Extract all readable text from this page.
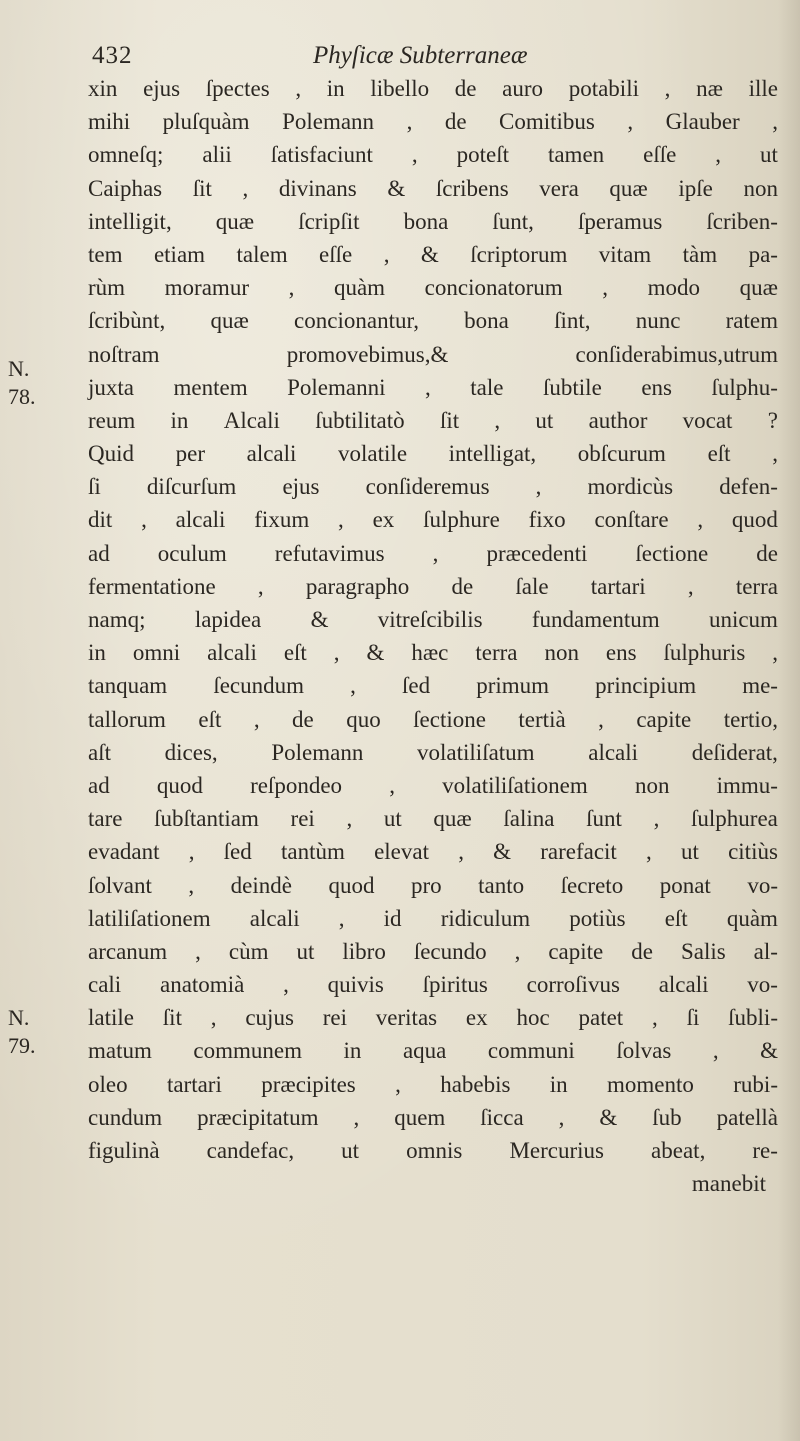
432	Phyſicæ Subterraneæ
N.
78.
N.
79.
xin ejus ſpectes , in libello de auro potabili , næ ille
mihi pluſquàm Polemann , de Comitibus , Glauber ,
omneſq; alii ſatisfaciunt , poteſt tamen eſſe , ut
Caiphas ſit , divinans & ſcribens vera quæ ipſe non
intelligit, quæ ſcripſit bona ſunt, ſperamus ſcriben-
tem etiam talem eſſe , & ſcriptorum vitam tàm pa-
rùm moramur , quàm concionatorum , modo quæ
ſcribùnt, quæ concionantur, bona ſint, nunc ratem
noſtram	promovebimus,&	conſiderabimus,utrum
juxta mentem Polemanni , tale ſubtile ens ſulphu-
reum in Alcali ſubtilitatò ſit , ut author vocat ?
Quid per alcali volatile intelligat, obſcurum eſt ,
ſi diſcurſum ejus conſideremus , mordicùs defen-
dit , alcali fixum , ex ſulphure fixo conſtare , quod
ad oculum refutavimus , præcedenti ſectione de
fermentatione , paragrapho de ſale tartari , terra
namq; lapidea & vitreſcibilis fundamentum unicum
in omni alcali eſt , & hæc terra non ens ſulphuris ,
tanquam ſecundum , ſed primum principium me-
tallorum eſt , de quo ſectione tertià , capite tertio,
aſt dices, Polemann volatiliſatum alcali deſiderat,
ad quod reſpondeo , volatiliſationem non immu-
tare ſubſtantiam rei , ut quæ ſalina ſunt , ſulphurea
evadant , ſed tantùm elevat , & rarefacit , ut citiùs
ſolvant , deindè quod pro tanto ſecreto ponat vo-
latiliſationem alcali , id ridiculum potiùs eſt quàm
arcanum , cùm ut libro ſecundo , capite de Salis al-
cali anatomià , quivis ſpiritus corroſivus alcali vo-
latile ſit , cujus rei veritas ex hoc patet , ſi ſubli-
matum communem in aqua communi ſolvas , &
oleo tartari præcipites , habebis in momento rubi-
cundum præcipitatum , quem ſicca , & ſub patellà
figulinà candefac, ut omnis Mercurius abeat, re-
manebit
